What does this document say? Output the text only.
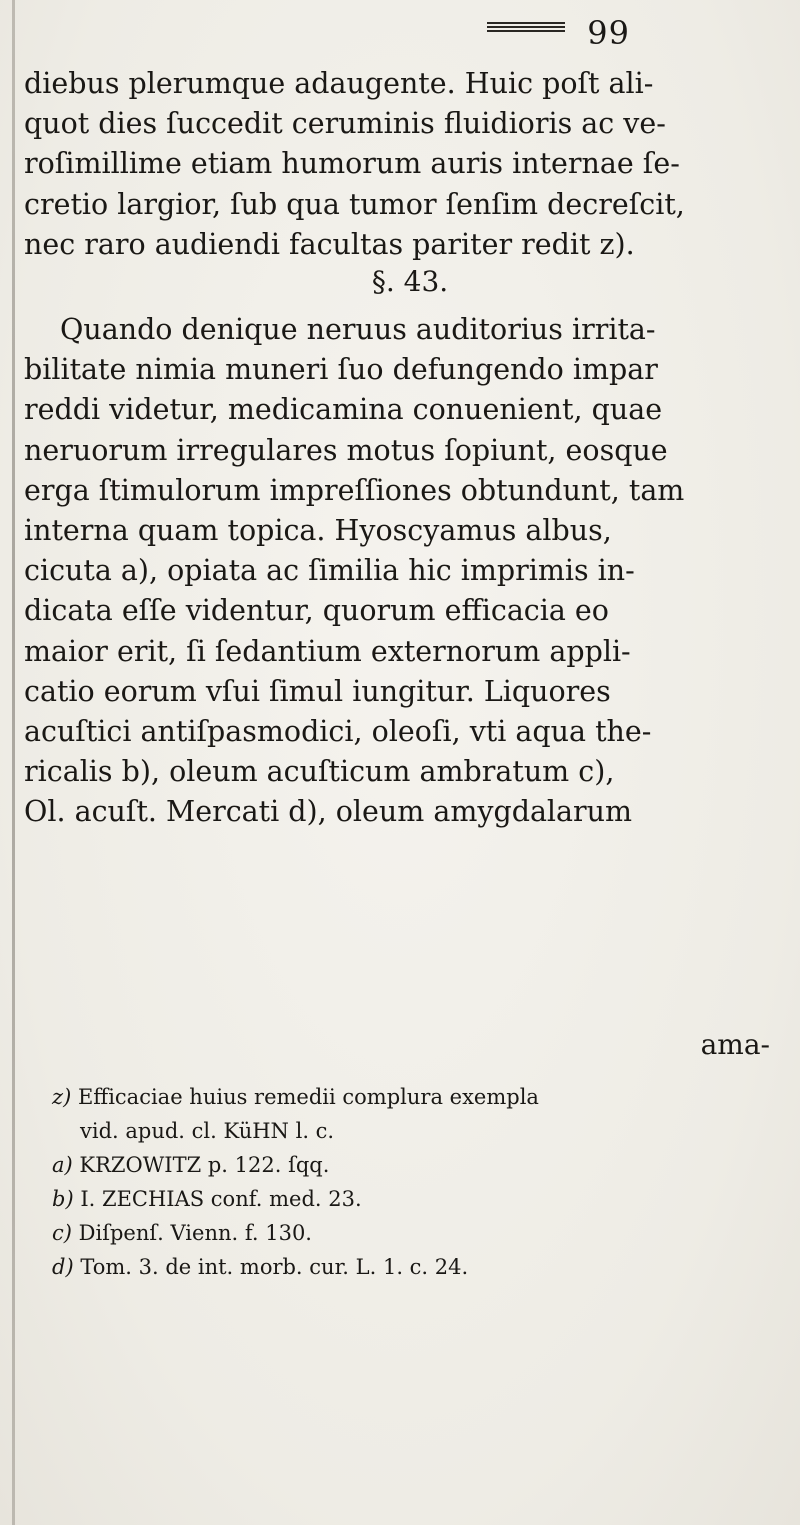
99
diebus plerumque adaugente. Huic poſt ali-
quot dies ſuccedit ceruminis fluidioris ac ve-
roſimillime etiam humorum auris internae ſe-
cretio largior, ſub qua tumor ſenſim decreſcit,
nec raro audiendi facultas pariter redit z).
§. 43.
Quando denique neruus auditorius irrita-
bilitate nimia muneri ſuo defungendo impar
reddi videtur, medicamina conuenient, quae
neruorum irregulares motus ſopiunt, eosque
erga ſtimulorum impreſſiones obtundunt, tam
interna quam topica. Hyoscyamus albus,
cicuta a), opiata ac ſimilia hic imprimis in-
dicata eſſe videntur, quorum efficacia eo
maior erit, ſi ſedantium externorum appli-
catio eorum vſui ſimul iungitur. Liquores
acuſtici antiſpasmodici, oleoſi, vti aqua the-
ricalis b), oleum acuſticum ambratum c),
Ol. acuſt. Mercati d), oleum amygdalarum
ama-
z) Efficaciae huius remedii complura exempla
vid. apud. cl. KüHN l. c.
a) KRZOWITZ p. 122. ſqq.
b) I. ZECHIAS conf. med. 23.
c) Diſpenſ. Vienn. f. 130.
d) Tom. 3. de int. morb. cur. L. 1. c. 24.
